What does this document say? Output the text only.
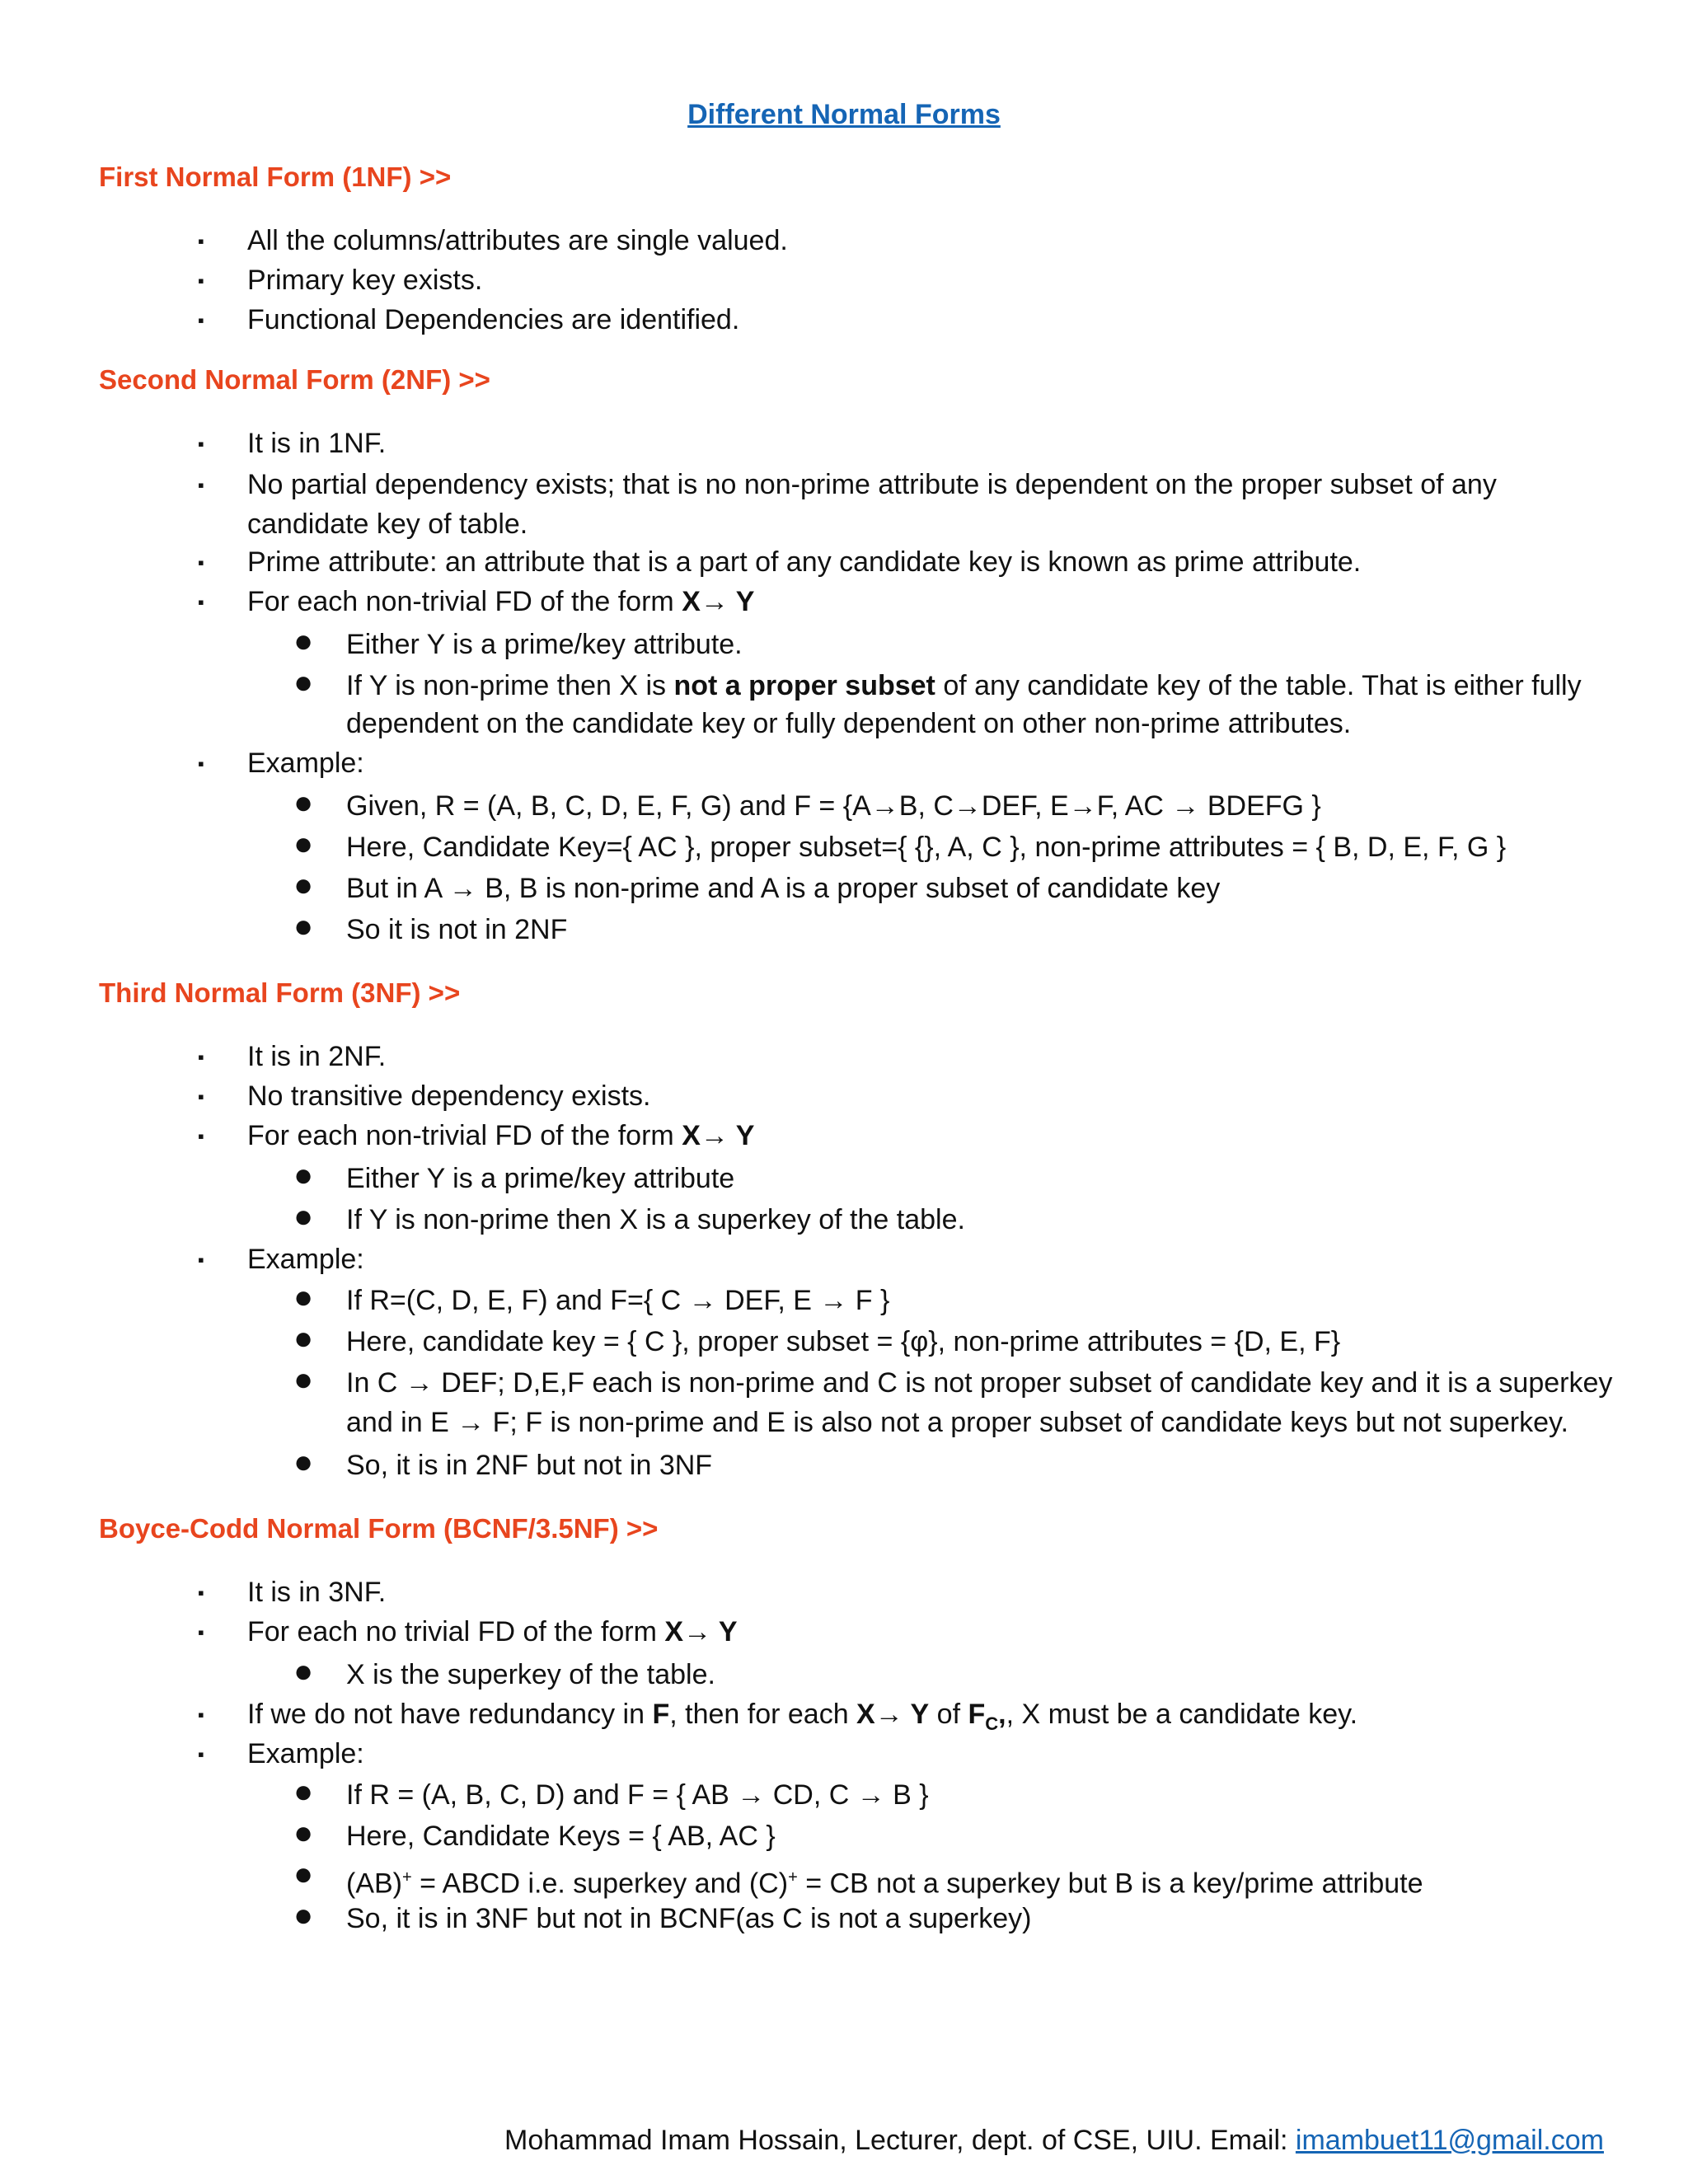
Different Normal Forms
First Normal Form (1NF) >>
▪ All the columns/attributes are single valued.
▪ Primary key exists.
▪ Functional Dependencies are identified.
Second Normal Form (2NF) >>
▪ It is in 1NF.
▪ No partial dependency exists; that is no non-prime attribute is dependent on the proper subset of any
candidate key of table.
▪ Prime attribute: an attribute that is a part of any candidate key is known as prime attribute.
▪ For each non-trivial FD of the form X→ Y
● Either Y is a prime/key attribute.
● If Y is non-prime then X is not a proper subset of any candidate key of the table. That is either fully
dependent on the candidate key or fully dependent on other non-prime attributes.
▪ Example:
● Given, R = (A, B, C, D, E, F, G) and F = {A→B, C→DEF, E→F, AC → BDEFG }
● Here, Candidate Key={ AC }, proper subset={ {}, A, C }, non-prime attributes = { B, D, E, F, G }
● But in A → B, B is non-prime and A is a proper subset of candidate key
● So it is not in 2NF
Third Normal Form (3NF) >>
▪ It is in 2NF.
▪ No transitive dependency exists.
▪ For each non-trivial FD of the form X→ Y
● Either Y is a prime/key attribute
● If Y is non-prime then X is a superkey of the table.
▪ Example:
● If R=(C, D, E, F) and F={ C → DEF, E → F }
● Here, candidate key = { C }, proper subset = {φ}, non-prime attributes = {D, E, F}
● In C → DEF; D,E,F each is non-prime and C is not proper subset of candidate key and it is a superkey
and in E → F; F is non-prime and E is also not a proper subset of candidate keys but not superkey.
● So, it is in 2NF but not in 3NF
Boyce-Codd Normal Form (BCNF/3.5NF) >>
▪ It is in 3NF.
▪ For each no trivial FD of the form X→ Y
● X is the superkey of the table.
▪ If we do not have redundancy in F, then for each X→ Y of $F_C$,, X must be a candidate key.
▪ Example:
● If R = (A, B, C, D) and F = { AB → CD, C → B }
● Here, Candidate Keys = { AB, AC }
● (AB)+ = ABCD i.e. superkey and (C)+ = CB not a superkey but B is a key/prime attribute
● So, it is in 3NF but not in BCNF(as C is not a superkey)
Mohammad Imam Hossain, Lecturer, dept. of CSE, UIU. Email: imambuet11@gmail.com
